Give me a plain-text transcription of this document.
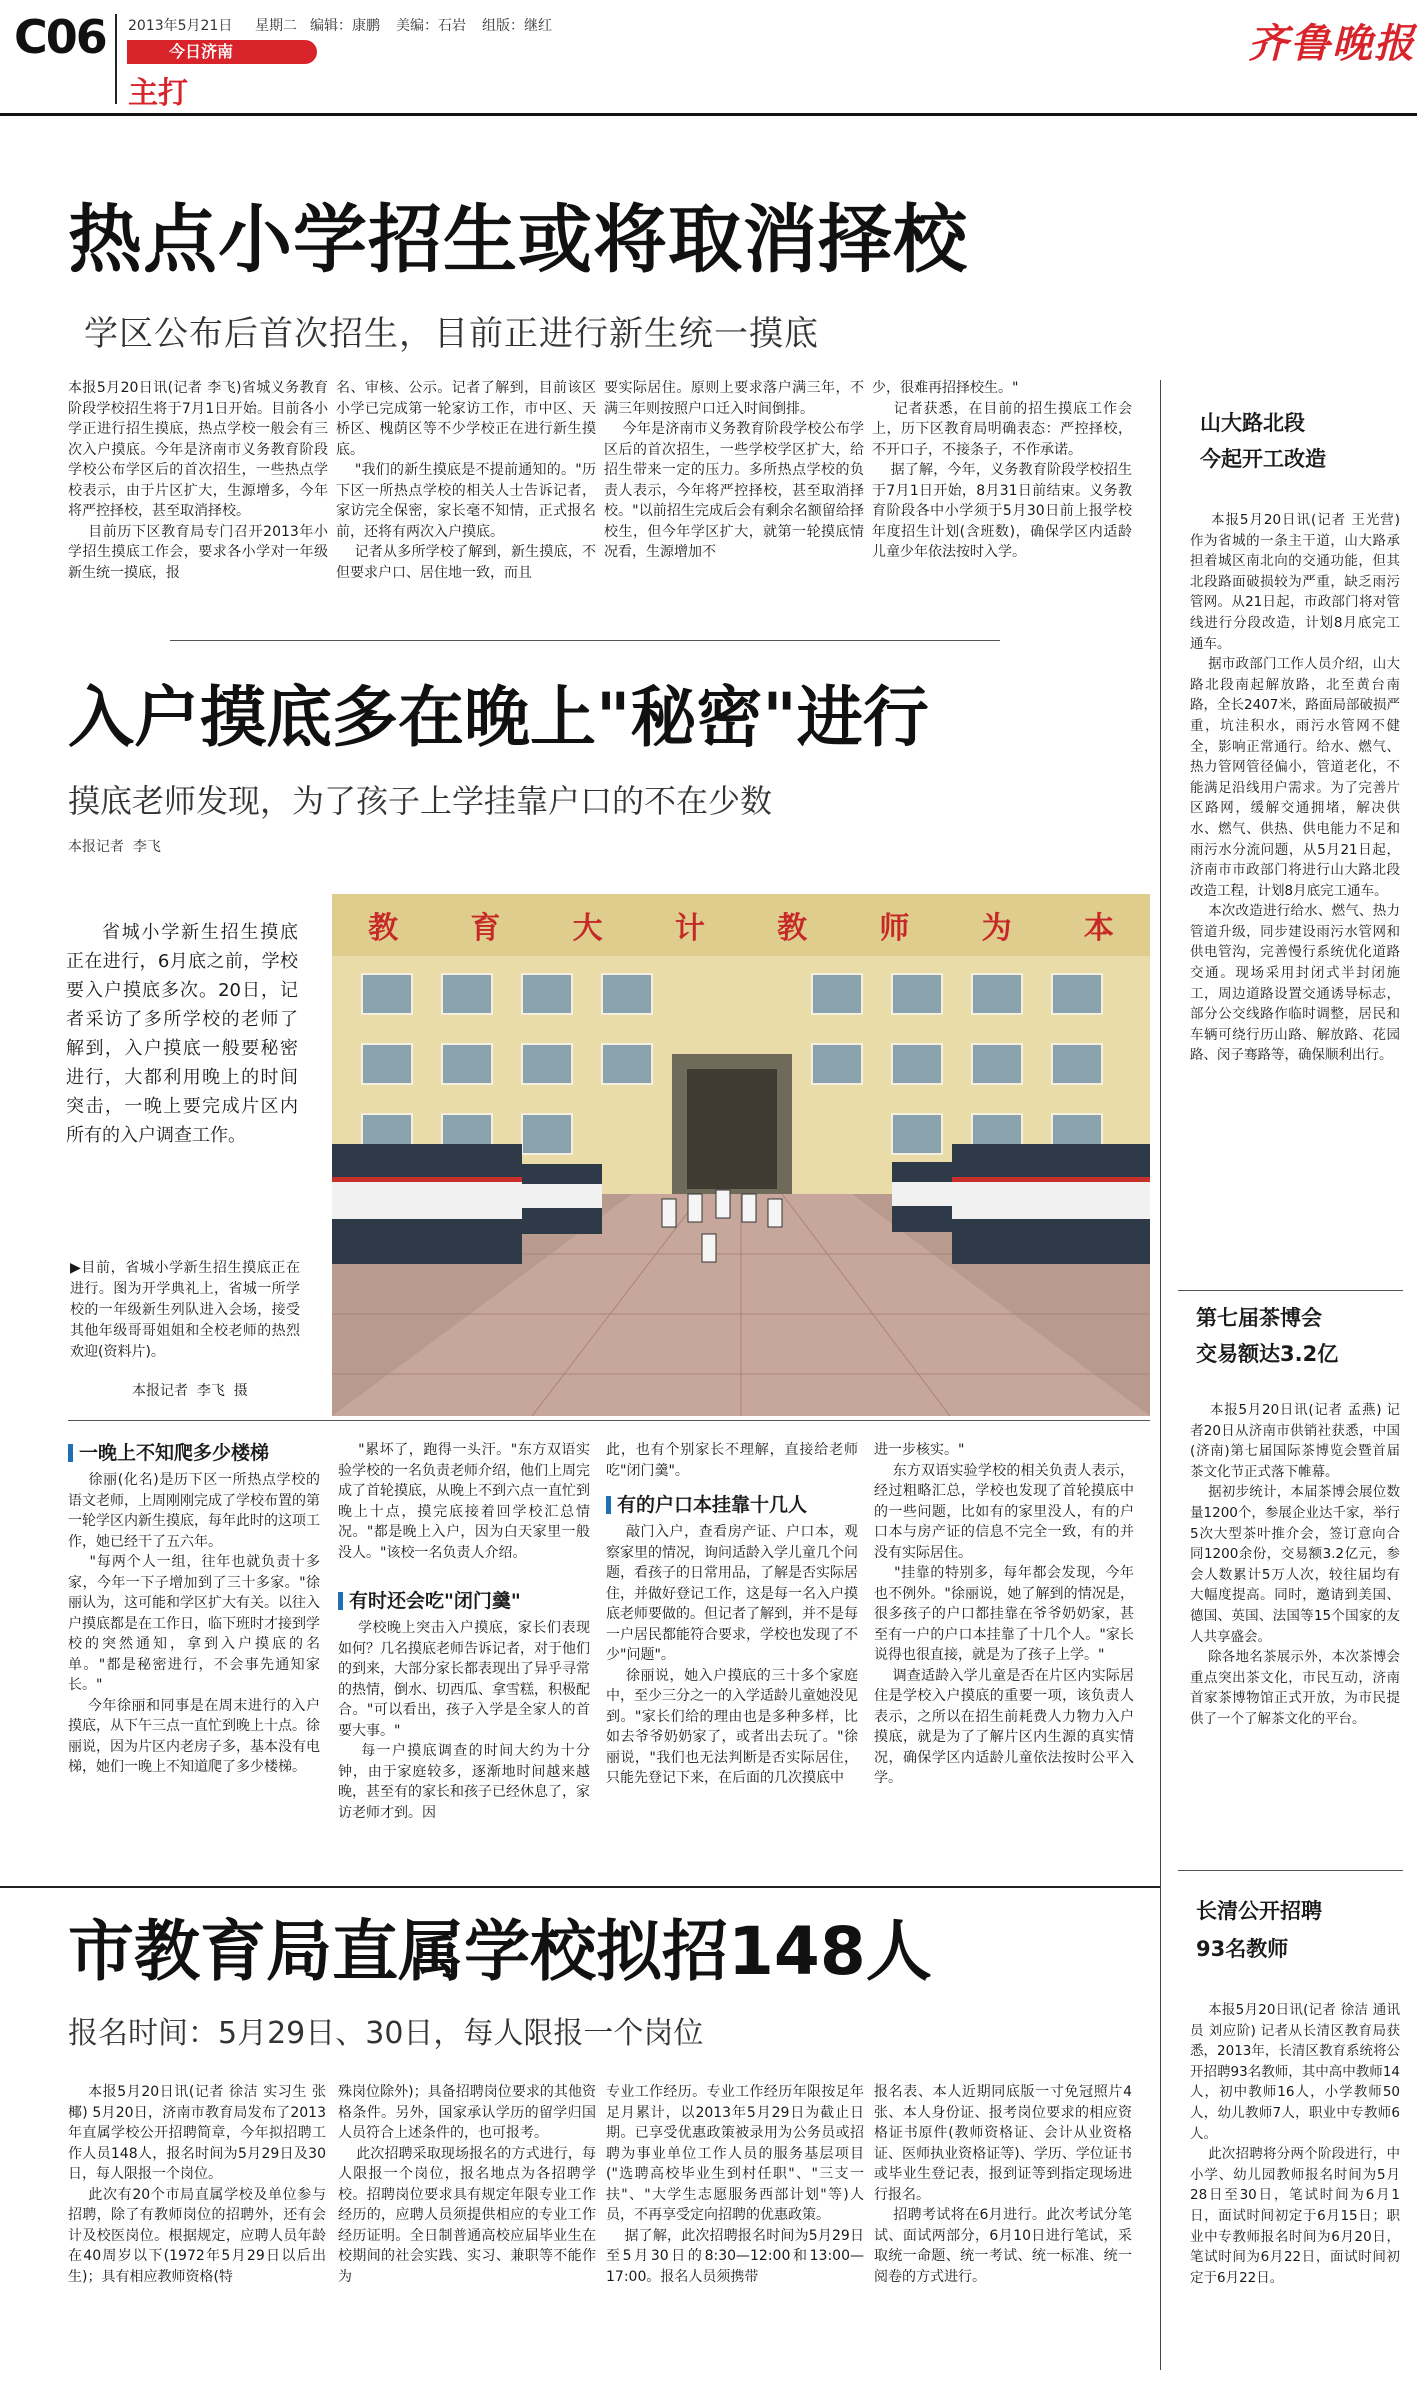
C06 2013年5月21日 星期二 编辑：康鹏 美编：石岩 组版：继红
今日济南
主打
齐鲁晚报
热点小学招生或将取消择校
学区公布后首次招生，目前正进行新生统一摸底
本报5月20日讯(记者 李飞)省城义务教育阶段学校招生将于7月1日开始。目前各小学正进行招生摸底，热点学校一般会有三次入户摸底。今年是济南市义务教育阶段学校公布学区后的首次招生，一些热点学校表示，由于片区扩大，生源增多，今年将严控择校，甚至取消择校。
目前历下区教育局专门召开2013年小学招生摸底工作会，要求各小学对一年级新生统一摸底，报
名、审核、公示。记者了解到，目前该区小学已完成第一轮家访工作，市中区、天桥区、槐荫区等不少学校正在进行新生摸底。
"我们的新生摸底是不提前通知的。"历下区一所热点学校的相关人士告诉记者，家访完全保密，家长毫不知情，正式报名前，还将有两次入户摸底。
记者从多所学校了解到，新生摸底，不但要求户口、居住地一致，而且
要实际居住。原则上要求落户满三年，不满三年则按照户口迁入时间倒排。
今年是济南市义务教育阶段学校公布学区后的首次招生，一些学校学区扩大，给招生带来一定的压力。多所热点学校的负责人表示，今年将严控择校，甚至取消择校。"以前招生完成后会有剩余名额留给择校生，但今年学区扩大，就第一轮摸底情况看，生源增加不
少，很难再招择校生。"
记者获悉，在目前的招生摸底工作会上，历下区教育局明确表态：严控择校，不开口子，不接条子，不作承诺。
据了解，今年，义务教育阶段学校招生于7月1日开始，8月31日前结束。义务教育阶段各中小学须于5月30日前上报学校年度招生计划(含班数)，确保学区内适龄儿童少年依法按时入学。
山大路北段
今起开工改造
本报5月20日讯(记者 王光营) 作为省城的一条主干道，山大路承担着城区南北向的交通功能，但其北段路面破损较为严重，缺乏雨污管网。从21日起，市政部门将对管线进行分段改造，计划8月底完工通车。
据市政部门工作人员介绍，山大路北段南起解放路，北至黄台南路，全长2407米，路面局部破损严重，坑洼积水，雨污水管网不健全，影响正常通行。给水、燃气、热力管网管径偏小，管道老化，不能满足沿线用户需求。为了完善片区路网，缓解交通拥堵，解决供水、燃气、供热、供电能力不足和雨污水分流问题，从5月21日起，济南市市政部门将进行山大路北段改造工程，计划8月底完工通车。
本次改造进行给水、燃气、热力管道升级，同步建设雨污水管网和供电管沟，完善慢行系统优化道路交通。现场采用封闭式半封闭施工，周边道路设置交通诱导标志，部分公交线路作临时调整，居民和车辆可绕行历山路、解放路、花园路、闵子骞路等，确保顺利出行。
第七届茶博会
交易额达3.2亿
本报5月20日讯(记者 孟燕) 记者20日从济南市供销社获悉，中国(济南)第七届国际茶博览会暨首届茶文化节正式落下帷幕。
据初步统计，本届茶博会展位数量1200个，参展企业达千家，举行5次大型茶叶推介会，签订意向合同1200余份，交易额3.2亿元，参会人数累计5万人次，较往届均有大幅度提高。同时，邀请到美国、德国、英国、法国等15个国家的友人共享盛会。
除各地名茶展示外，本次茶博会重点突出茶文化，市民互动，济南首家茶博物馆正式开放，为市民提供了一个了解茶文化的平台。
长清公开招聘
93名教师
本报5月20日讯(记者 徐洁 通讯员 刘应阶) 记者从长清区教育局获悉，2013年，长清区教育系统将公开招聘93名教师，其中高中教师14人，初中教师16人，小学教师50人，幼儿教师7人，职业中专教师6人。
此次招聘将分两个阶段进行，中小学、幼儿园教师报名时间为5月28日至30日，笔试时间为6月1日，面试时间初定于6月15日；职业中专教师报名时间为6月20日，笔试时间为6月22日，面试时间初定于6月22日。
入户摸底多在晚上"秘密"进行
摸底老师发现，为了孩子上学挂靠户口的不在少数
本报记者  李飞
省城小学新生招生摸底正在进行，6月底之前，学校要入户摸底多次。20日，记者采访了多所学校的老师了解到，入户摸底一般要秘密进行，大都利用晚上的时间突击，一晚上要完成片区内所有的入户调查工作。
教 育 大 计 教 师 为 本
▶目前，省城小学新生招生摸底正在进行。图为开学典礼上，省城一所学校的一年级新生列队进入会场，接受其他年级哥哥姐姐和全校老师的热烈欢迎(资料片)。
本报记者  李飞  摄
一晚上不知爬多少楼梯
徐丽(化名)是历下区一所热点学校的语文老师，上周刚刚完成了学校布置的第一轮学区内新生摸底，每年此时的这项工作，她已经干了五六年。
"每两个人一组，往年也就负责十多家，今年一下子增加到了三十多家。"徐丽认为，这可能和学区扩大有关。以往入户摸底都是在工作日，临下班时才接到学校的突然通知，拿到入户摸底的名单。"都是秘密进行，不会事先通知家长。"
今年徐丽和同事是在周末进行的入户摸底，从下午三点一直忙到晚上十点。徐丽说，因为片区内老房子多，基本没有电梯，她们一晚上不知道爬了多少楼梯。
"累坏了，跑得一头汗。"东方双语实验学校的一名负责老师介绍，他们上周完成了首轮摸底，从晚上不到六点一直忙到晚上十点，摸完底接着回学校汇总情况。"都是晚上入户，因为白天家里一般没人。"该校一名负责人介绍。
有时还会吃"闭门羹"
学校晚上突击入户摸底，家长们表现如何？几名摸底老师告诉记者，对于他们的到来，大部分家长都表现出了异乎寻常的热情，倒水、切西瓜、拿雪糕，积极配合。"可以看出，孩子入学是全家人的首要大事。"
每一户摸底调查的时间大约为十分钟，由于家庭较多，逐渐地时间越来越晚，甚至有的家长和孩子已经休息了，家访老师才到。因
此，也有个别家长不理解，直接给老师吃"闭门羹"。
有的户口本挂靠十几人
敲门入户，查看房产证、户口本，观察家里的情况，询问适龄入学儿童几个问题，看孩子的日常用品，了解是否实际居住，并做好登记工作，这是每一名入户摸底老师要做的。但记者了解到，并不是每一户居民都能符合要求，学校也发现了不少"问题"。
徐丽说，她入户摸底的三十多个家庭中，至少三分之一的入学适龄儿童她没见到。"家长们给的理由也是多种多样，比如去爷爷奶奶家了，或者出去玩了。"徐丽说，"我们也无法判断是否实际居住，只能先登记下来，在后面的几次摸底中
进一步核实。"
东方双语实验学校的相关负责人表示，经过粗略汇总，学校也发现了首轮摸底中的一些问题，比如有的家里没人，有的户口本与房产证的信息不完全一致，有的并没有实际居住。
"挂靠的特别多，每年都会发现，今年也不例外。"徐丽说，她了解到的情况是，很多孩子的户口都挂靠在爷爷奶奶家，甚至有一户的户口本挂靠了十几个人。"家长说得也很直接，就是为了孩子上学。"
调查适龄入学儿童是否在片区内实际居住是学校入户摸底的重要一项，该负责人表示，之所以在招生前耗费人力物力入户摸底，就是为了了解片区内生源的真实情况，确保学区内适龄儿童依法按时公平入学。
市教育局直属学校拟招148人
报名时间：5月29日、30日，每人限报一个岗位
本报5月20日讯(记者 徐洁 实习生 张椰) 5月20日，济南市教育局发布了2013年直属学校公开招聘简章，今年拟招聘工作人员148人，报名时间为5月29日及30日，每人限报一个岗位。
此次有20个市局直属学校及单位参与招聘，除了有教师岗位的招聘外，还有会计及校医岗位。根据规定，应聘人员年龄在40周岁以下(1972年5月29日以后出生)；具有相应教师资格(特
殊岗位除外)；具备招聘岗位要求的其他资格条件。另外，国家承认学历的留学归国人员符合上述条件的，也可报考。
此次招聘采取现场报名的方式进行，每人限报一个岗位，报名地点为各招聘学校。招聘岗位要求具有规定年限专业工作经历的，应聘人员须提供相应的专业工作经历证明。全日制普通高校应届毕业生在校期间的社会实践、实习、兼职等不能作为
专业工作经历。专业工作经历年限按足年足月累计，以2013年5月29日为截止日期。已享受优惠政策被录用为公务员或招聘为事业单位工作人员的服务基层项目("选聘高校毕业生到村任职"、"三支一扶"、"大学生志愿服务西部计划"等)人员，不再享受定向招聘的优惠政策。
据了解，此次招聘报名时间为5月29日至5月30日的8:30—12:00和13:00—17:00。报名人员须携带
报名表、本人近期同底版一寸免冠照片4张、本人身份证、报考岗位要求的相应资格证书原件(教师资格证、会计从业资格证、医师执业资格证等)、学历、学位证书或毕业生登记表，报到证等到指定现场进行报名。
招聘考试将在6月进行。此次考试分笔试、面试两部分，6月10日进行笔试，采取统一命题、统一考试、统一标准、统一阅卷的方式进行。
